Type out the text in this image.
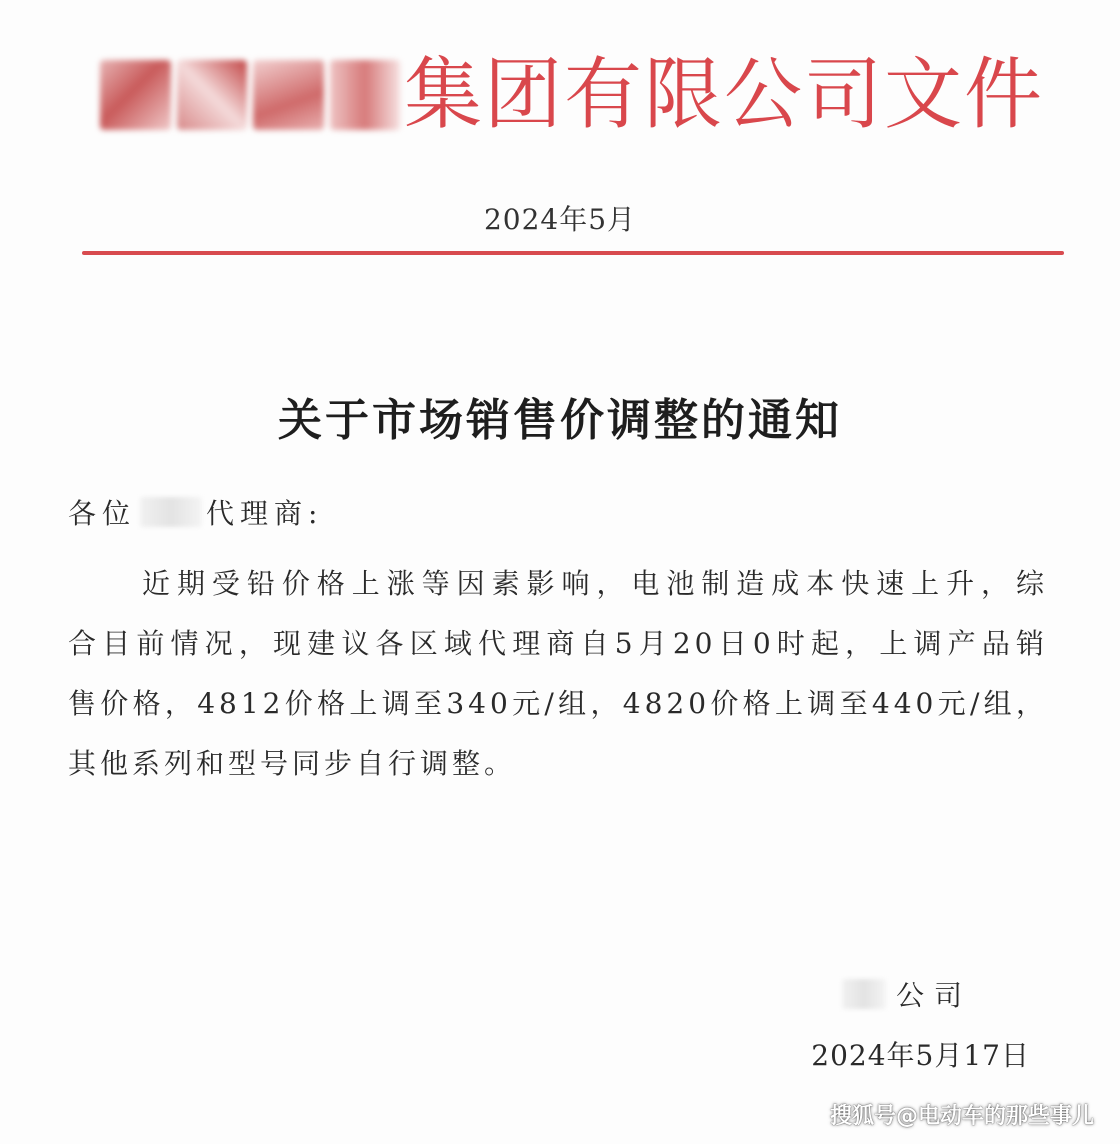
集团有限公司文件
2024年5月
关于市场销售价调整的通知
各位	代理商:
近期受铅价格上涨等因素影响，电池制造成本快速上升，综
合目前情况，现建议各区域代理商自5月20日0时起，上调产品销
售价格，4812价格上调至340元/组，4820价格上调至440元/组，
其他系列和型号同步自行调整。
公司
2024年5月17日
搜狐号@电动车的那些事儿
